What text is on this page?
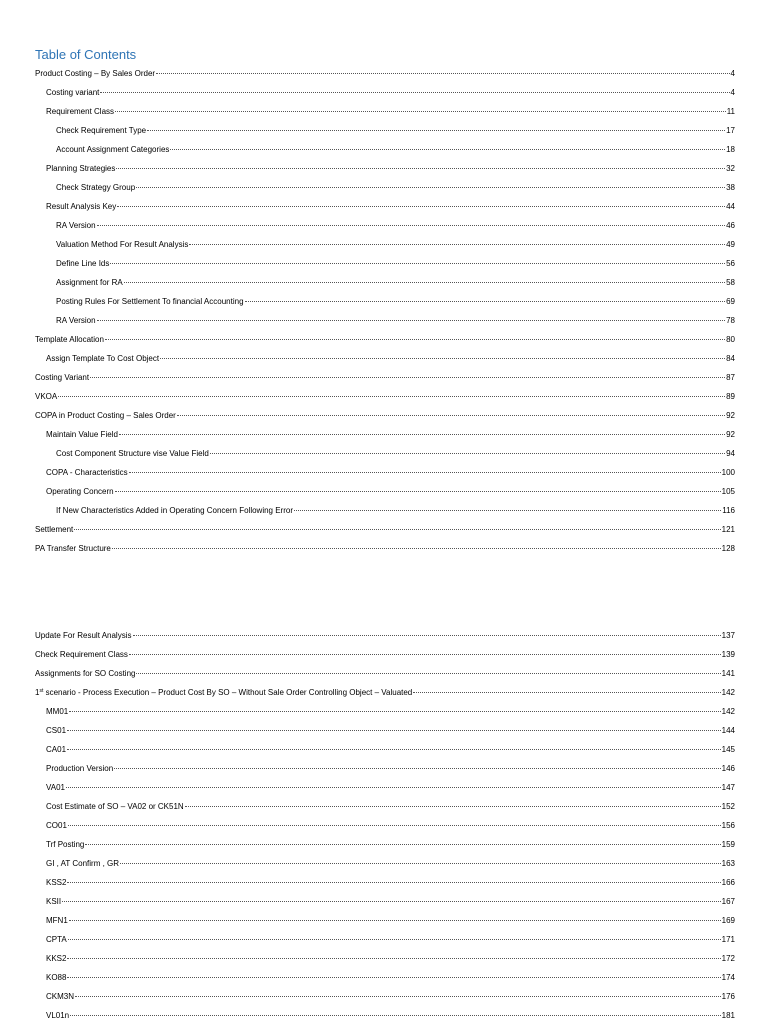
Table of Contents
Product Costing – By Sales Order	4
Costing variant	4
Requirement Class	11
Check Requirement Type	17
Account Assignment Categories	18
Planning Strategies	32
Check Strategy Group	38
Result Analysis Key	44
RA Version	46
Valuation Method For Result Analysis	49
Define Line Ids	56
Assignment for RA	58
Posting Rules For Settlement To financial Accounting	69
RA Version	78
Template Allocation	80
Assign Template To Cost Object	84
Costing Variant	87
VKOA	89
COPA in Product Costing – Sales Order	92
Maintain Value Field	92
Cost Component Structure vise Value Field	94
COPA - Characteristics	100
Operating Concern	105
If New Characteristics Added in Operating Concern Following Error	116
Settlement	121
PA Transfer Structure	128
Update For Result Analysis	137
Check Requirement Class	139
Assignments for SO Costing	141
1st scenario - Process Execution – Product Cost By SO – Without Sale Order Controlling Object – Valuated	142
MM01	142
CS01	144
CA01	145
Production Version	146
VA01	147
Cost Estimate of SO – VA02 or CK51N	152
CO01	156
Trf Posting	159
GI , AT Confirm , GR	163
KSS2	166
KSII	167
MFN1	169
CPTA	171
KKS2	172
KO88	174
CKM3N	176
VL01n	181
